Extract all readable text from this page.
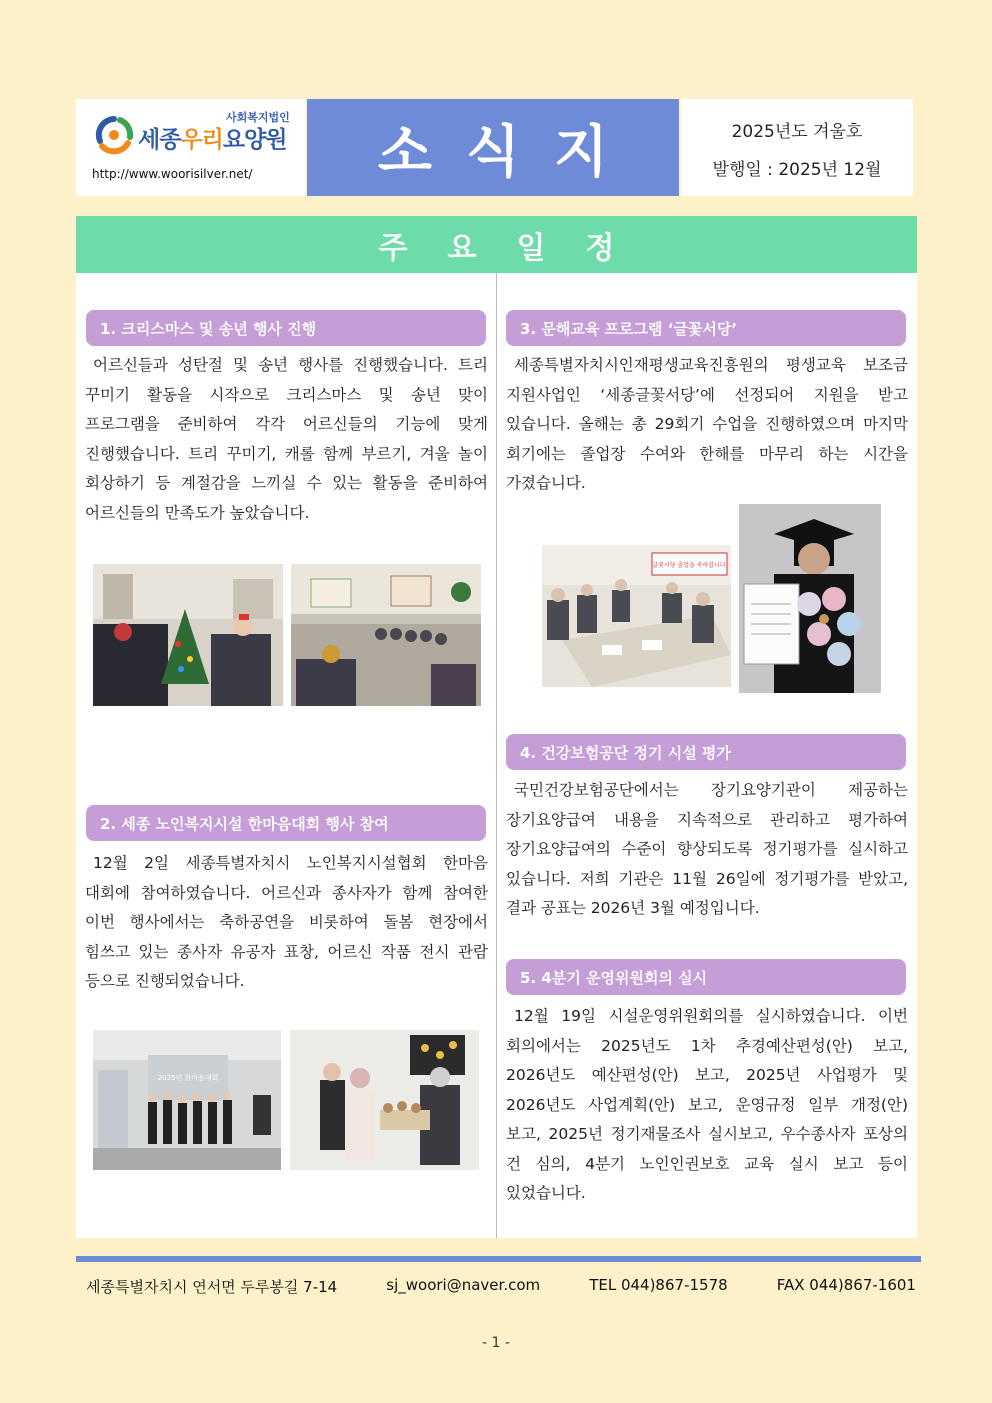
사회복지법인
세종우리요양원
http://www.woorisilver.net/	소식지	2025년도 겨울호
발행일 : 2025년 12월
주요일정
1. 크리스마스 및 송년 행사 진행
어르신들과 성탄절 및 송년 행사를 진행했습니다. 트리 꾸미기 활동을 시작으로 크리스마스 및 송년 맞이 프로그램을 준비하여 각각 어르신들의 기능에 맞게 진행했습니다. 트리 꾸미기, 캐롤 함께 부르기, 겨울 놀이 회상하기 등 계절감을 느끼실 수 있는 활동을 준비하여 어르신들의 만족도가 높았습니다.
2. 세종 노인복지시설 한마음대회 행사 참여
12월 2일 세종특별자치시 노인복지시설협회 한마음 대회에 참여하였습니다. 어르신과 종사자가 함께 참여한 이번 행사에서는 축하공연을 비롯하여 돌봄 현장에서 힘쓰고 있는 종사자 유공자 표창, 어르신 작품 전시 관람 등으로 진행되었습니다.
2025년 한마음대회
3. 문해교육 프로그램 ‘글꽃서당’
세종특별자치시인재평생교육진흥원의 평생교육 보조금 지원사업인 ‘세종글꽃서당’에 선정되어 지원을 받고 있습니다. 올해는 총 29회기 수업을 진행하였으며 마지막 회기에는 졸업장 수여와 한해를 마무리 하는 시간을 가졌습니다.
글꽃서당 졸업을 축하합니다
4. 건강보험공단 정기 시설 평가
국민건강보험공단에서는 장기요양기관이 제공하는 장기요양급여 내용을 지속적으로 관리하고 평가하여 장기요양급여의 수준이 향상되도록 정기평가를 실시하고 있습니다. 저희 기관은 11월 26일에 정기평가를 받았고, 결과 공표는 2026년 3월 예정입니다.
5. 4분기 운영위원회의 실시
12월 19일 시설운영위원회의를 실시하였습니다. 이번 회의에서는 2025년도 1차 추경예산편성(안) 보고, 2026년도 예산편성(안) 보고, 2025년 사업평가 및 2026년도 사업계획(안) 보고, 운영규정 일부 개정(안) 보고, 2025년 정기재물조사 실시보고, 우수종사자 포상의 건 심의, 4분기 노인인권보호 교육 실시 보고 등이 있었습니다.
세종특별자치시 연서면 두루봉길 7-14	sj_woori@naver.com	TEL 044)867-1578	FAX 044)867-1601
- 1 -
